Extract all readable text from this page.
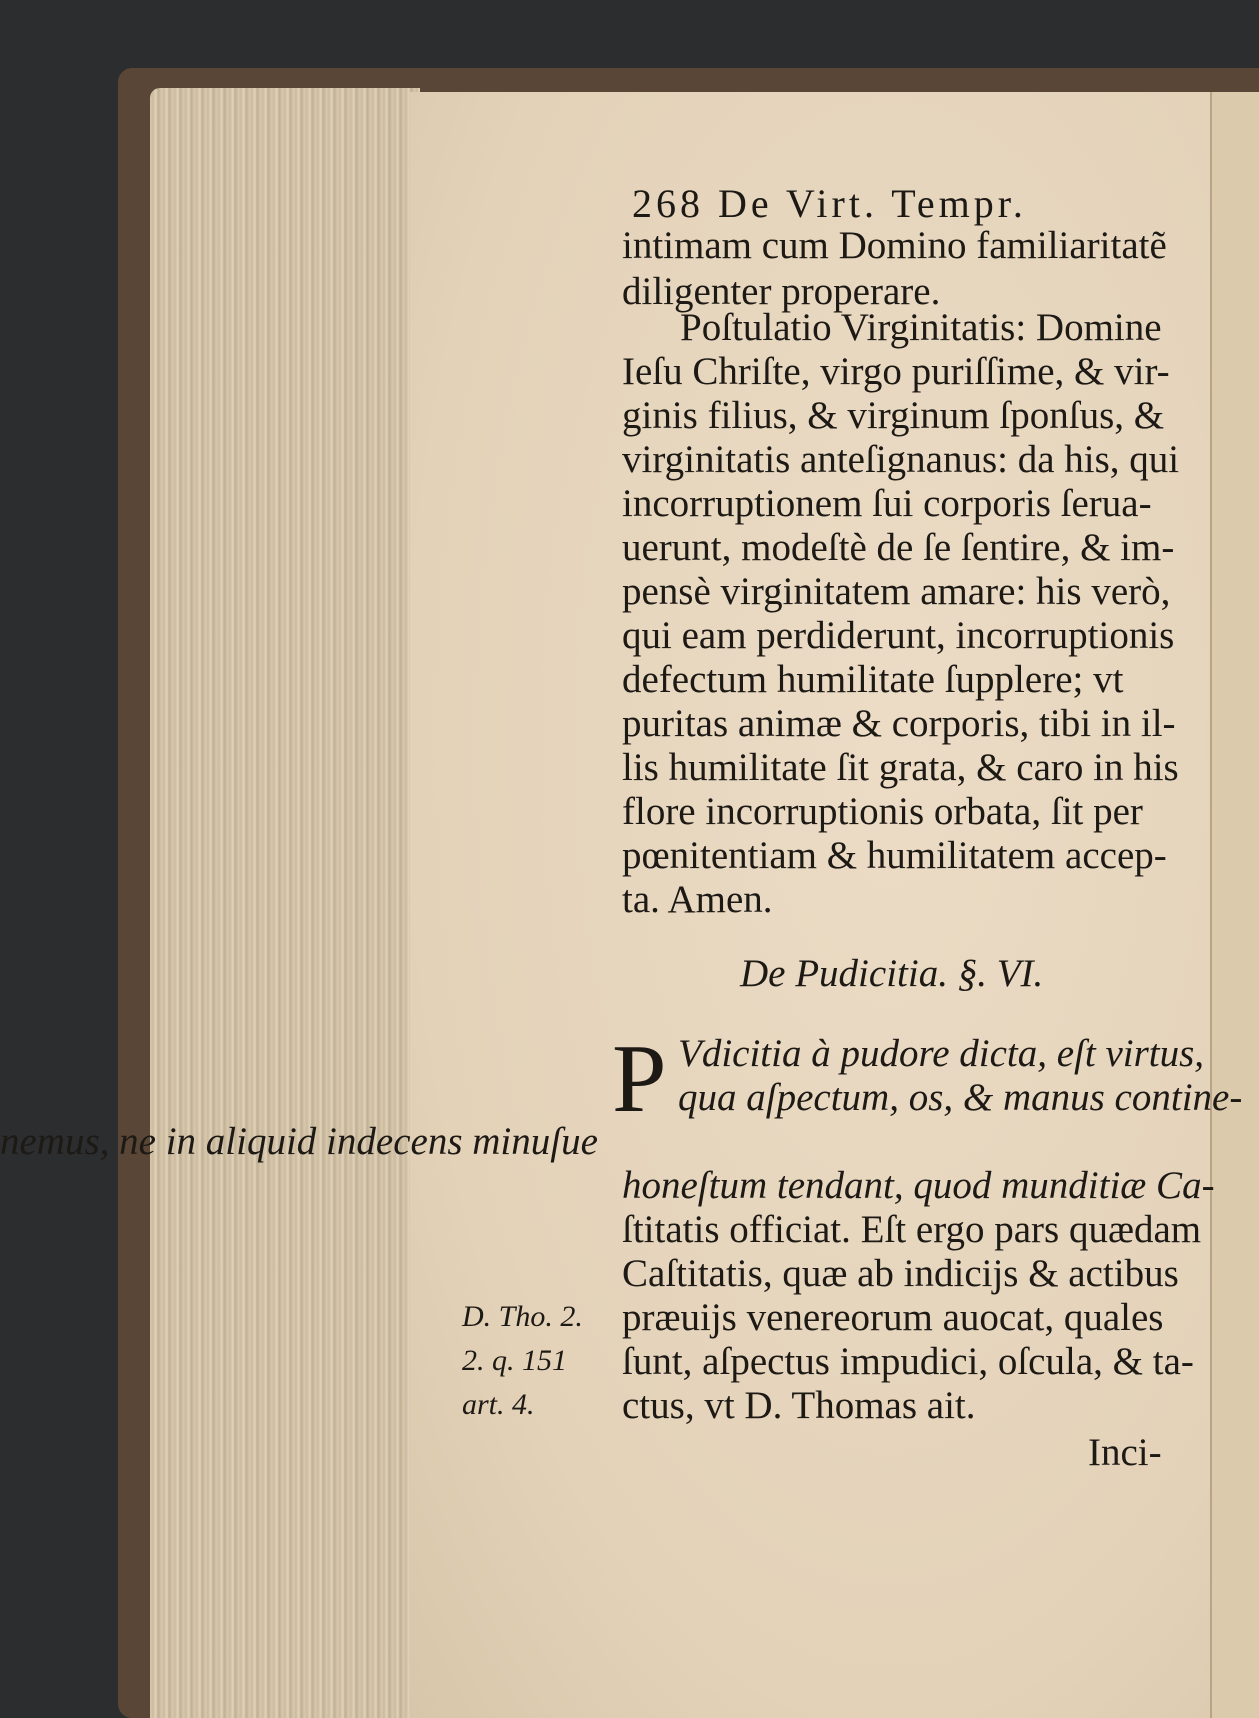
268 De Virt. Tempr.
intimam cum Domino familiaritatẽ
diligenter properare.
Poſtulatio Virginitatis: Domine
Ieſu Chriſte, virgo puriſſime, & vir-
ginis filius, & virginum ſponſus, &
virginitatis anteſignanus: da his, qui
incorruptionem ſui corporis ſerua-
uerunt, modeſtè de ſe ſentire, & im-
pensè virginitatem amare: his verò,
qui eam perdiderunt, incorruptionis
defectum humilitate ſupplere; vt
puritas animæ & corporis, tibi in il-
lis humilitate ſit grata, & caro in his
flore incorruptionis orbata, ſit per
pœnitentiam & humilitatem accep-
ta. Amen.
De Pudicitia. §. VI.
P Vdicitia à pudore dicta, eſt virtus,
qua aſpectum, os, & manus contine-
nemus, ne in aliquid indecens minuſue
honeſtum tendant, quod munditiæ Ca-
ſtitatis officiat. Eſt ergo pars quædam
Caſtitatis, quæ ab indicijs & actibus
præuijs venereorum auocat, quales
ſunt, aſpectus impudici, oſcula, & ta-
ctus, vt D. Thomas ait.
D. Tho. 2.
2. q. 151
art. 4.
Inci-
